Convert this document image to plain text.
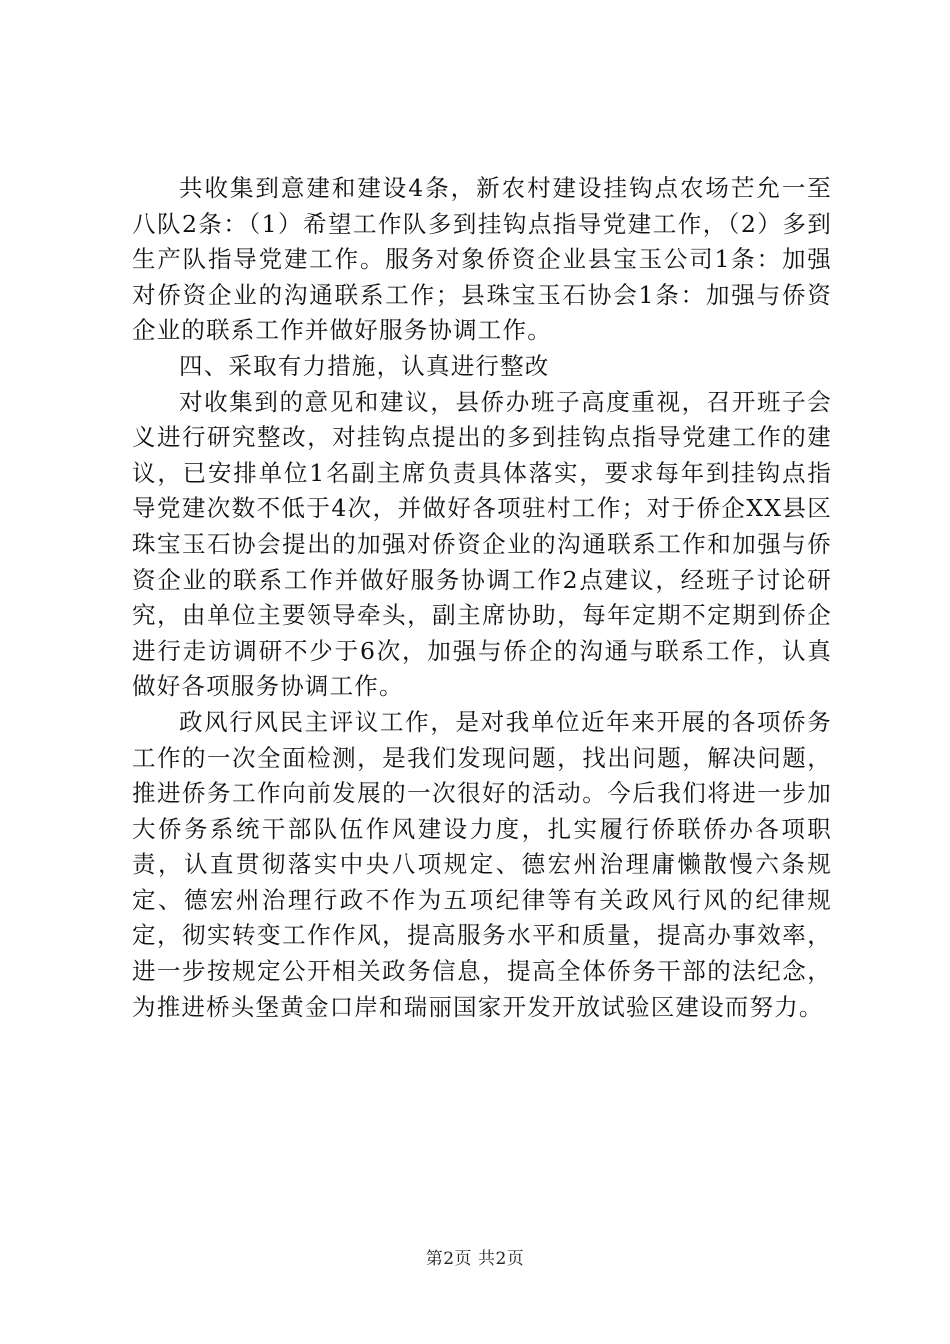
共收集到意建和建设4条，新农村建设挂钩点农场芒允一至八队2条：（1）希望工作队多到挂钩点指导党建工作，（2）多到生产队指导党建工作。服务对象侨资企业县宝玉公司1条：加强对侨资企业的沟通联系工作；县珠宝玉石协会1条：加强与侨资企业的联系工作并做好服务协调工作。

四、采取有力措施，认真进行整改

对收集到的意见和建议，县侨办班子高度重视，召开班子会义进行研究整改，对挂钩点提出的多到挂钩点指导党建工作的建议，已安排单位1名副主席负责具体落实，要求每年到挂钩点指导党建次数不低于4次，并做好各项驻村工作；对于侨企XX县区珠宝玉石协会提出的加强对侨资企业的沟通联系工作和加强与侨资企业的联系工作并做好服务协调工作2点建议，经班子讨论研究，由单位主要领导牵头，副主席协助，每年定期不定期到侨企进行走访调研不少于6次，加强与侨企的沟通与联系工作，认真做好各项服务协调工作。

政风行风民主评议工作，是对我单位近年来开展的各项侨务工作的一次全面检测，是我们发现问题，找出问题，解决问题，推进侨务工作向前发展的一次很好的活动。今后我们将进一步加大侨务系统干部队伍作风建设力度，扎实履行侨联侨办各项职责，认直贯彻落实中央八项规定、德宏州治理庸懒散慢六条规定、德宏州治理行政不作为五项纪律等有关政风行风的纪律规定，彻实转变工作作风，提高服务水平和质量，提高办事效率，进一步按规定公开相关政务信息，提高全体侨务干部的法纪念，为推进桥头堡黄金口岸和瑞丽国家开发开放试验区建设而努力。

第2页 共2页
